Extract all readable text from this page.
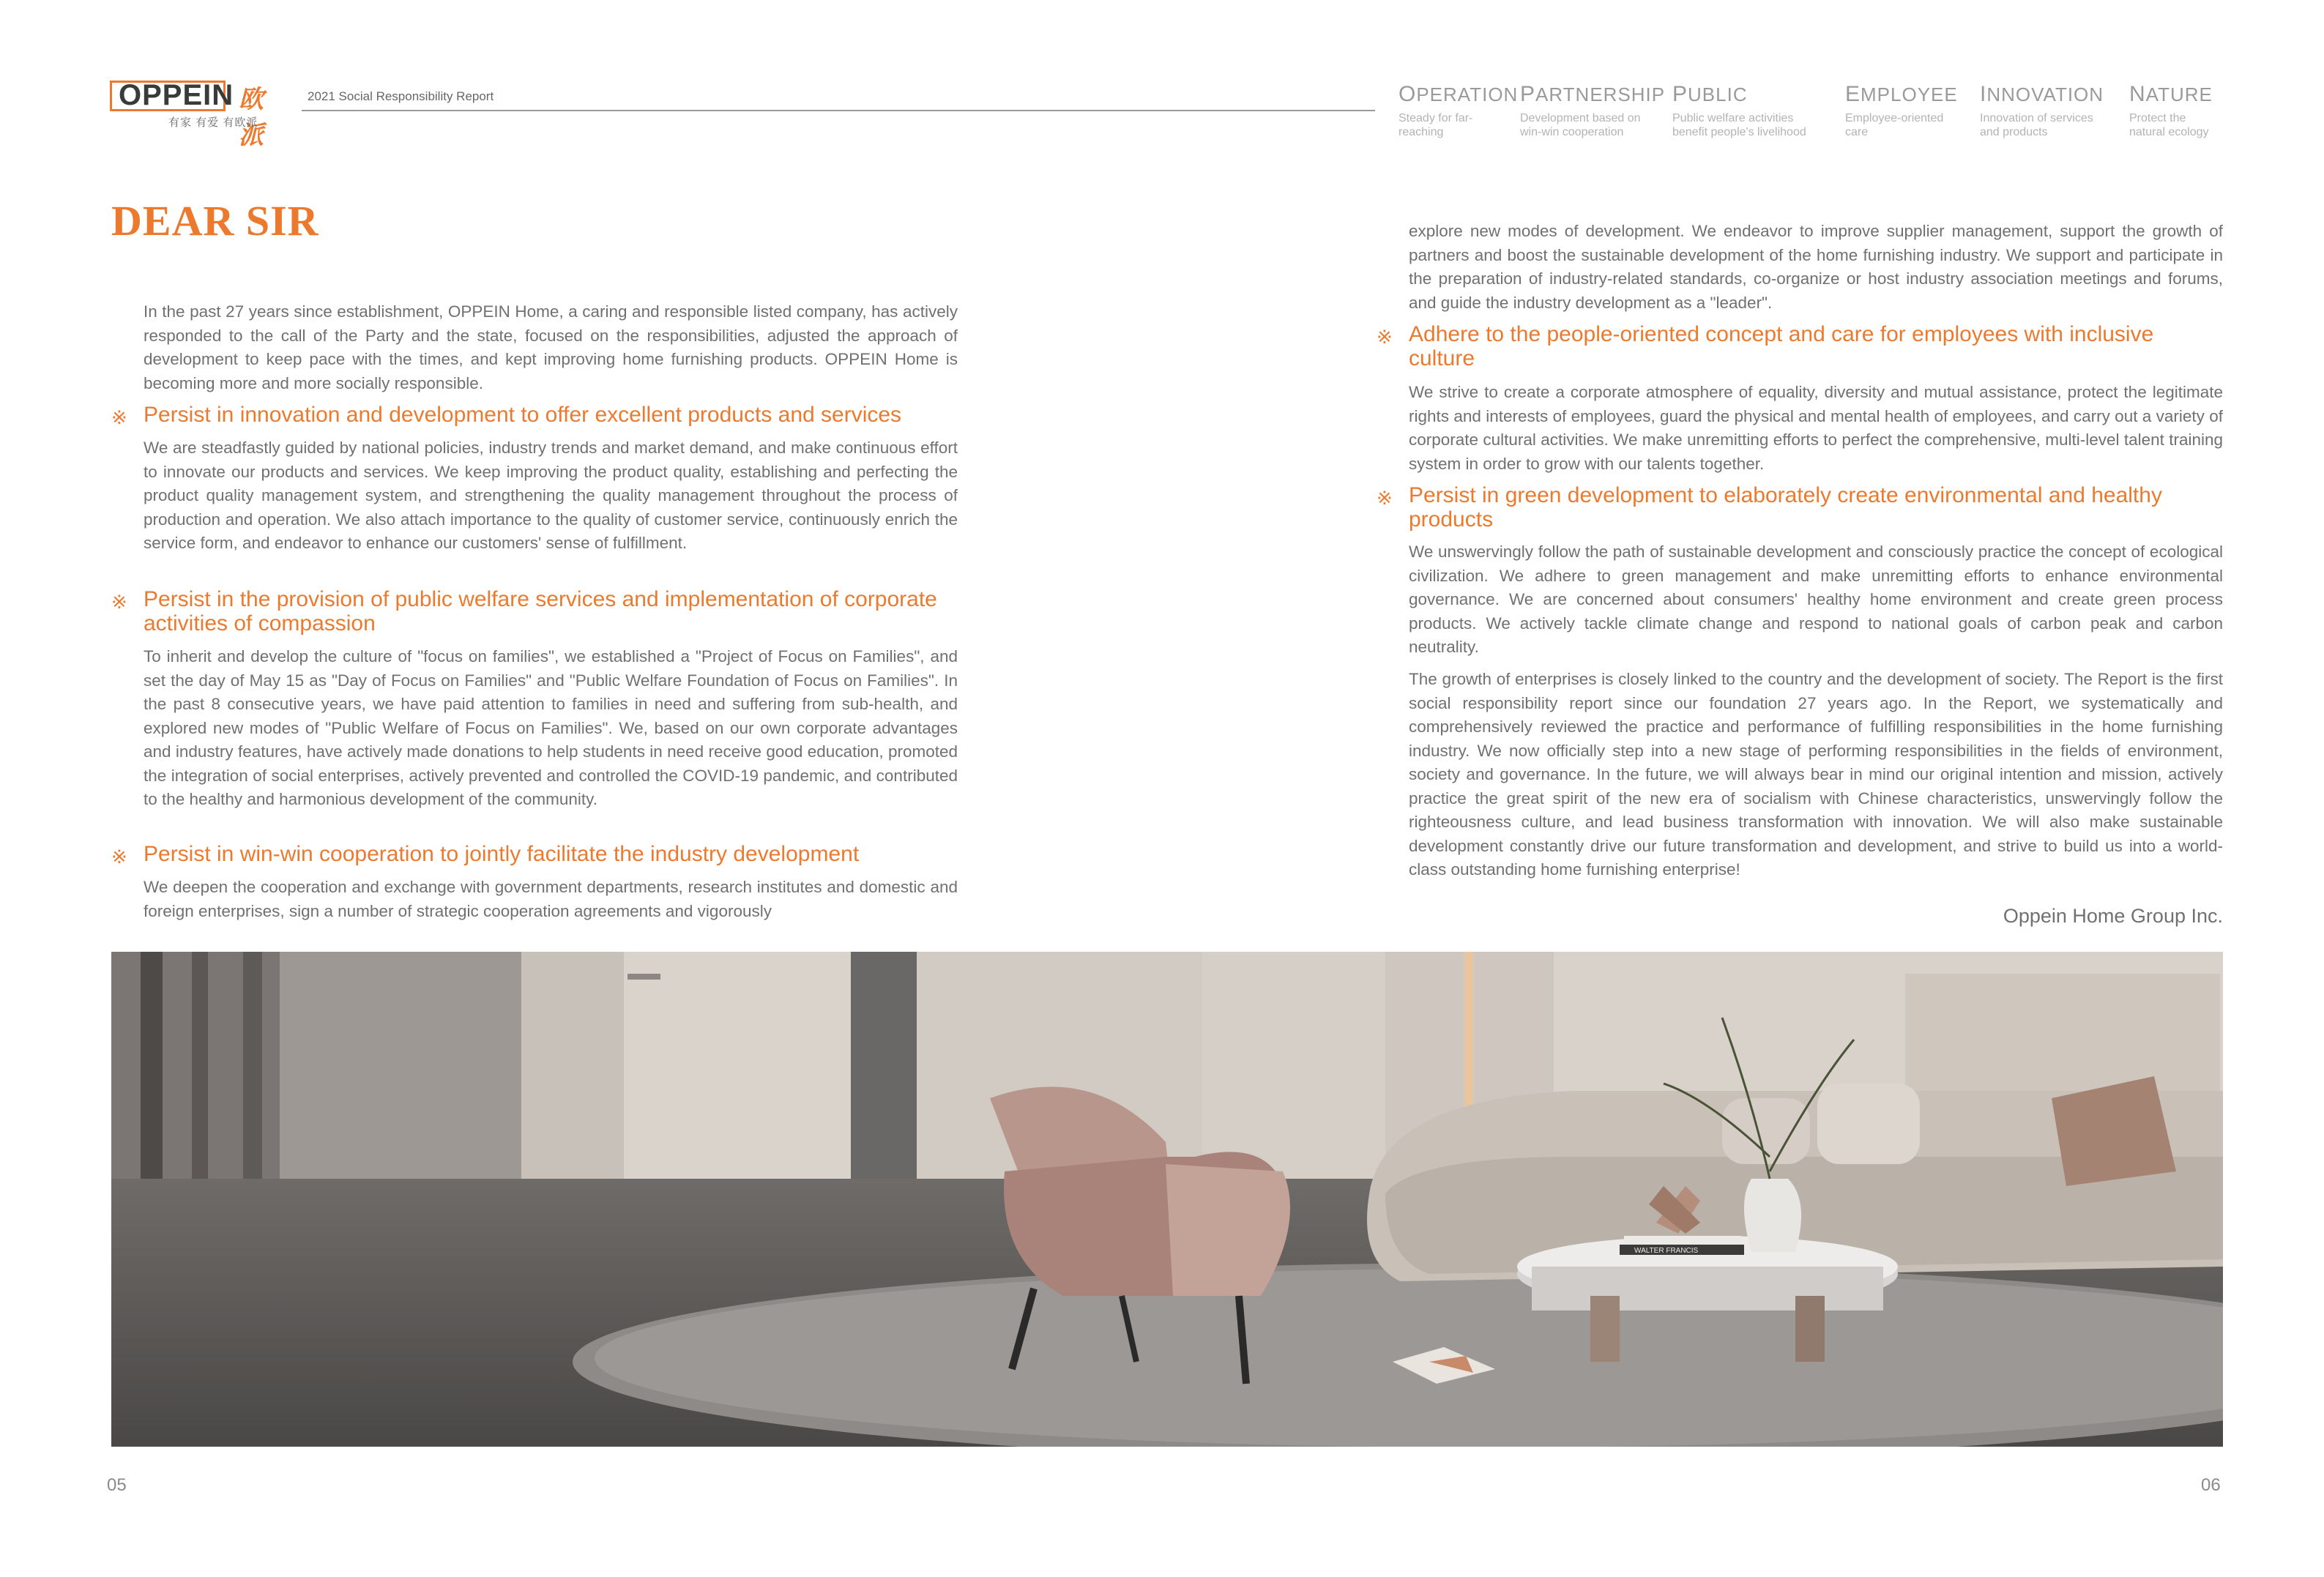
OPPEIN 欧派
有家 有爱 有欧派
2021 Social Responsibility Report	OPERATION
Steady for far-reaching
PARTNERSHIP
Development based on win-win cooperation
PUBLIC
Public welfare activities benefit people's livelihood
EMPLOYEE
Employee-oriented care
INNOVATION
Innovation of services and products
NATURE
Protect the natural ecology
DEAR SIR
In the past 27 years since establishment, OPPEIN Home, a caring and responsible listed company, has actively responded to the call of the Party and the state, focused on the responsibilities, adjusted the approach of development to keep pace with the times, and kept improving home furnishing products. OPPEIN Home is becoming more and more socially responsible.
※ Persist in innovation and development to offer excellent products and services
We are steadfastly guided by national policies, industry trends and market demand, and make continuous effort to innovate our products and services. We keep improving the product quality, establishing and perfecting the product quality management system, and strengthening the quality management throughout the process of production and operation. We also attach importance to the quality of customer service, continuously enrich the service form, and endeavor to enhance our customers' sense of fulfillment.
※ Persist in the provision of public welfare services and implementation of corporate activities of compassion
To inherit and develop the culture of "focus on families", we established a "Project of Focus on Families", and set the day of May 15 as "Day of Focus on Families" and "Public Welfare Foundation of Focus on Families". In the past 8 consecutive years, we have paid attention to families in need and suffering from sub-health, and explored new modes of "Public Welfare of Focus on Families". We, based on our own corporate advantages and industry features, have actively made donations to help students in need receive good education, promoted the integration of social enterprises, actively prevented and controlled the COVID-19 pandemic, and contributed to the healthy and harmonious development of the community.
※ Persist in win-win cooperation to jointly facilitate the industry development
We deepen the cooperation and exchange with government departments, research institutes and domestic and foreign enterprises, sign a number of strategic cooperation agreements and vigorously
explore new modes of development. We endeavor to improve supplier management, support the growth of partners and boost the sustainable development of the home furnishing industry. We support and participate in the preparation of industry-related standards, co-organize or host industry association meetings and forums, and guide the industry development as a "leader".
※ Adhere to the people-oriented concept and care for employees with inclusive culture
We strive to create a corporate atmosphere of equality, diversity and mutual assistance, protect the legitimate rights and interests of employees, guard the physical and mental health of employees, and carry out a variety of corporate cultural activities. We make unremitting efforts to perfect the comprehensive, multi-level talent training system in order to grow with our talents together.
※ Persist in green development to elaborately create environmental and healthy products
We unswervingly follow the path of sustainable development and consciously practice the concept of ecological civilization. We adhere to green management and make unremitting efforts to enhance environmental governance. We are concerned about consumers' healthy home environment and create green process products. We actively tackle climate change and respond to national goals of carbon peak and carbon neutrality.
The growth of enterprises is closely linked to the country and the development of society. The Report is the first social responsibility report since our foundation 27 years ago. In the Report, we systematically and comprehensively reviewed the practice and performance of fulfilling responsibilities in the home furnishing industry. We now officially step into a new stage of performing responsibilities in the fields of environment, society and governance. In the future, we will always bear in mind our original intention and mission, actively practice the great spirit of the new era of socialism with Chinese characteristics, unswervingly follow the righteousness culture, and lead business transformation with innovation. We will also make sustainable development constantly drive our future transformation and development, and strive to build us into a world-class outstanding home furnishing enterprise!
Oppein Home Group Inc.
WALTER FRANCIS
05	06
